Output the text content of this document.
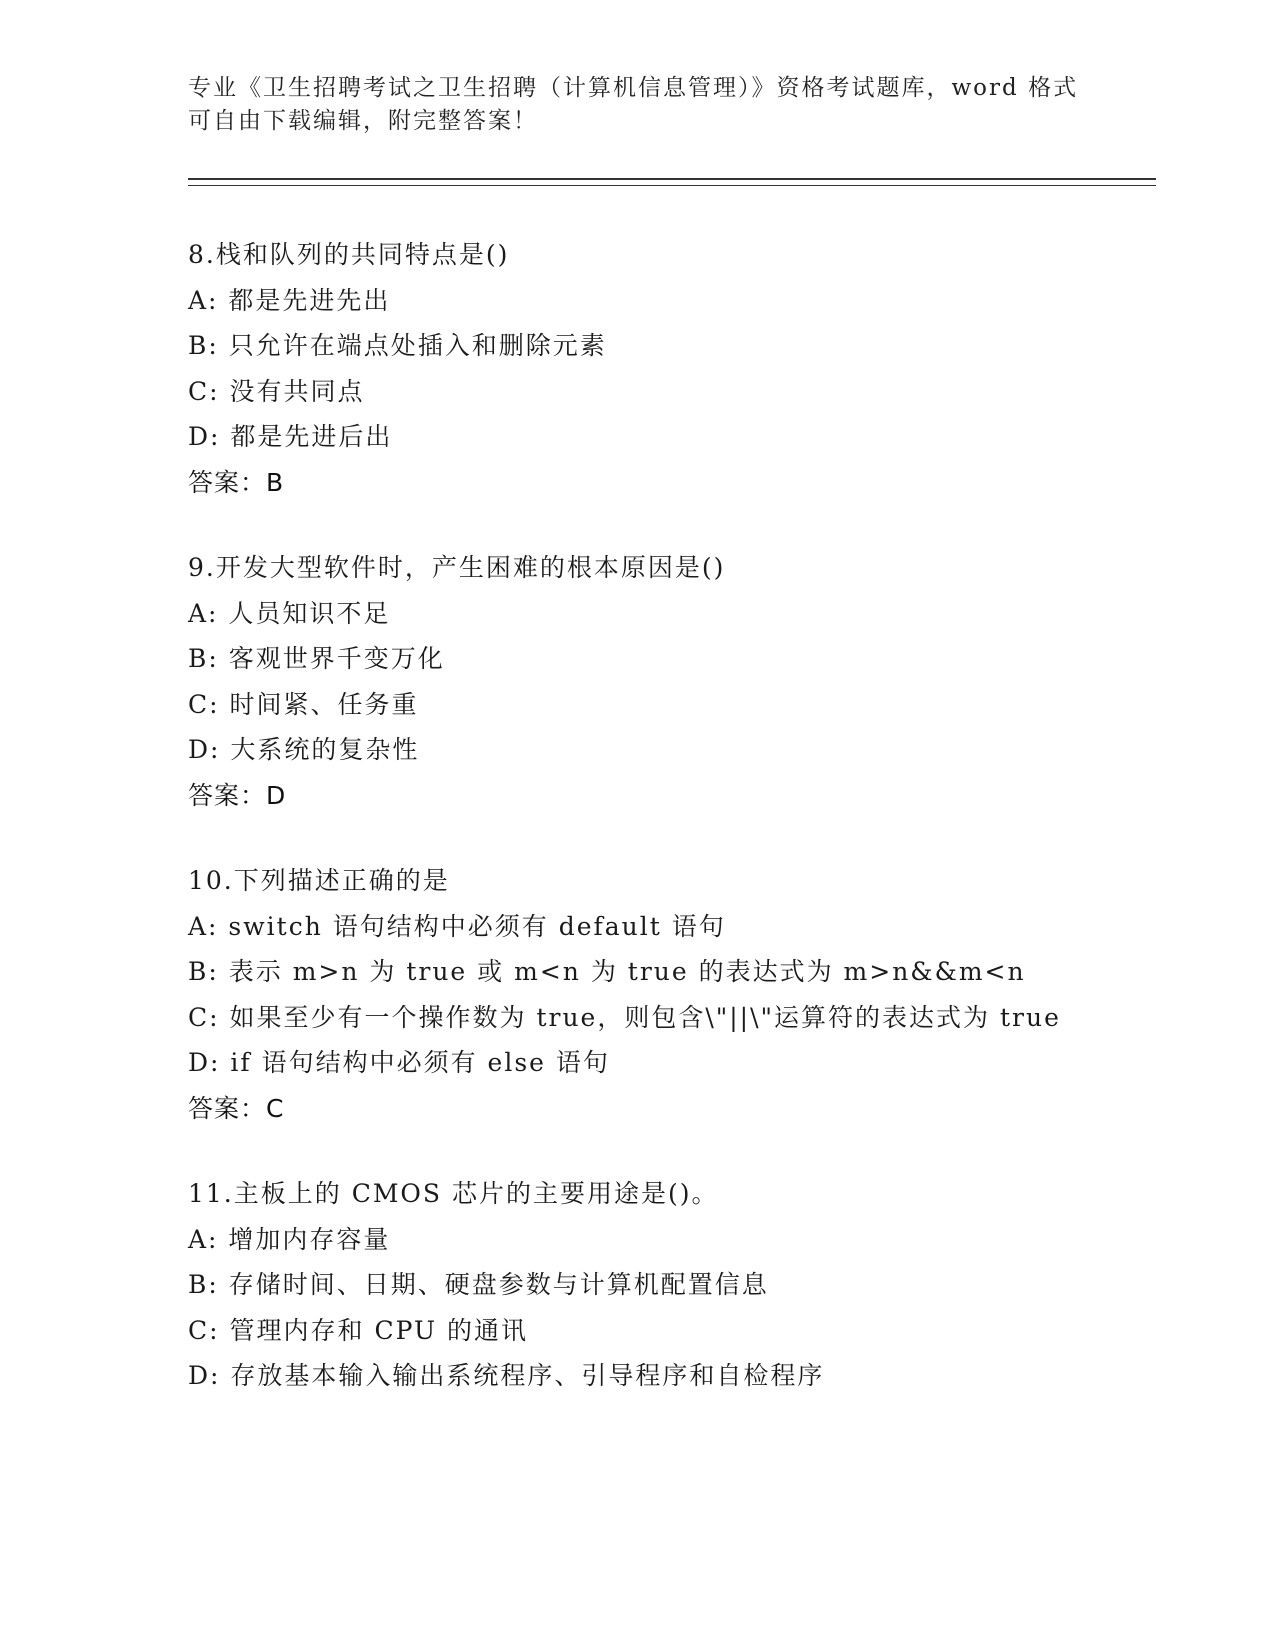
专业《卫生招聘考试之卫生招聘（计算机信息管理）》资格考试题库，word 格式
可自由下载编辑，附完整答案！
8.栈和队列的共同特点是()
A: 都是先进先出
B: 只允许在端点处插入和删除元素
C: 没有共同点
D: 都是先进后出
答案：B
9.开发大型软件时，产生困难的根本原因是()
A: 人员知识不足
B: 客观世界千变万化
C: 时间紧、任务重
D: 大系统的复杂性
答案：D
10.下列描述正确的是
A: switch 语句结构中必须有 default 语句
B: 表示 m>n 为 true 或 m<n 为 true 的表达式为 m>n&&m<n
C: 如果至少有一个操作数为 true，则包含\"||\"运算符的表达式为 true
D: if 语句结构中必须有 else 语句
答案：C
11.主板上的 CMOS 芯片的主要用途是()。
A: 增加内存容量
B: 存储时间、日期、硬盘参数与计算机配置信息
C: 管理内存和 CPU 的通讯
D: 存放基本输入输出系统程序、引导程序和自检程序
